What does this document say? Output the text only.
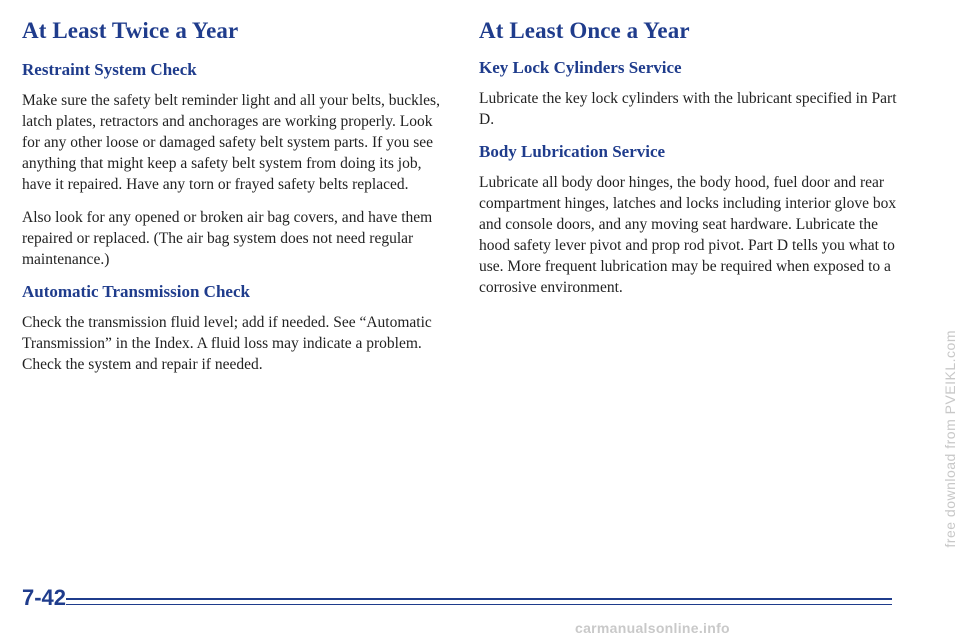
At Least Twice a Year
Restraint System Check

Make sure the safety belt reminder light and all your belts, buckles, latch plates, retractors and anchorages are working properly. Look for any other loose or damaged safety belt system parts. If you see anything that might keep a safety belt system from doing its job, have it repaired. Have any torn or frayed safety belts replaced.

Also look for any opened or broken air bag covers, and have them repaired or replaced. (The air bag system does not need regular maintenance.)

Automatic Transmission Check

Check the transmission fluid level; add if needed. See “Automatic Transmission” in the Index. A fluid loss may indicate a problem. Check the system and repair if needed.

At Least Once a Year
Key Lock Cylinders Service

Lubricate the key lock cylinders with the lubricant specified in Part D.

Body Lubrication Service

Lubricate all body door hinges, the body hood, fuel door and rear compartment hinges, latches and locks including interior glove box and console doors, and any moving seat hardware. Lubricate the hood safety lever pivot and prop rod pivot. Part D tells you what to use. More frequent lubrication may be required when exposed to a corrosive environment.

7-42
free download from PVEIKL.com
carmanualsonline.info
